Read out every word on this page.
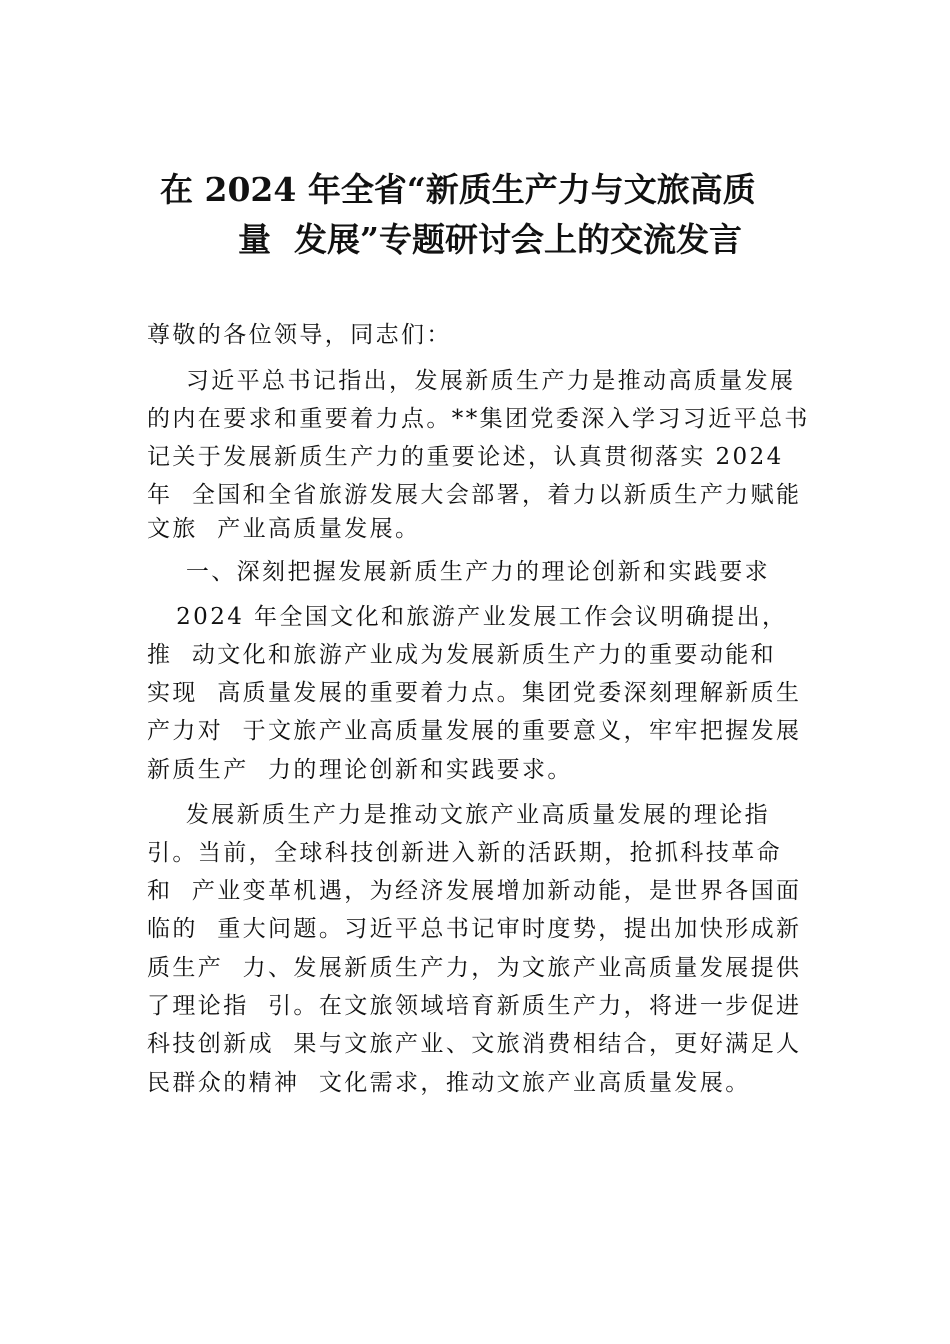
在 2024 年全省“新质生产力与文旅高质
量  发展”专题研讨会上的交流发言
尊敬的各位领导，同志们：
习近平总书记指出，发展新质生产力是推动高质量发展
的内在要求和重要着力点。**集团党委深入学习习近平总书
记关于发展新质生产力的重要论述，认真贯彻落实 2024
年  全国和全省旅游发展大会部署，着力以新质生产力赋能
文旅  产业高质量发展。
一、深刻把握发展新质生产力的理论创新和实践要求
2024 年全国文化和旅游产业发展工作会议明确提出，
推  动文化和旅游产业成为发展新质生产力的重要动能和
实现  高质量发展的重要着力点。集团党委深刻理解新质生
产力对  于文旅产业高质量发展的重要意义，牢牢把握发展
新质生产  力的理论创新和实践要求。
发展新质生产力是推动文旅产业高质量发展的理论指
引。当前，全球科技创新进入新的活跃期，抢抓科技革命
和  产业变革机遇，为经济发展增加新动能，是世界各国面
临的  重大问题。习近平总书记审时度势，提出加快形成新
质生产  力、发展新质生产力，为文旅产业高质量发展提供
了理论指  引。在文旅领域培育新质生产力，将进一步促进
科技创新成  果与文旅产业、文旅消费相结合，更好满足人
民群众的精神  文化需求，推动文旅产业高质量发展。
